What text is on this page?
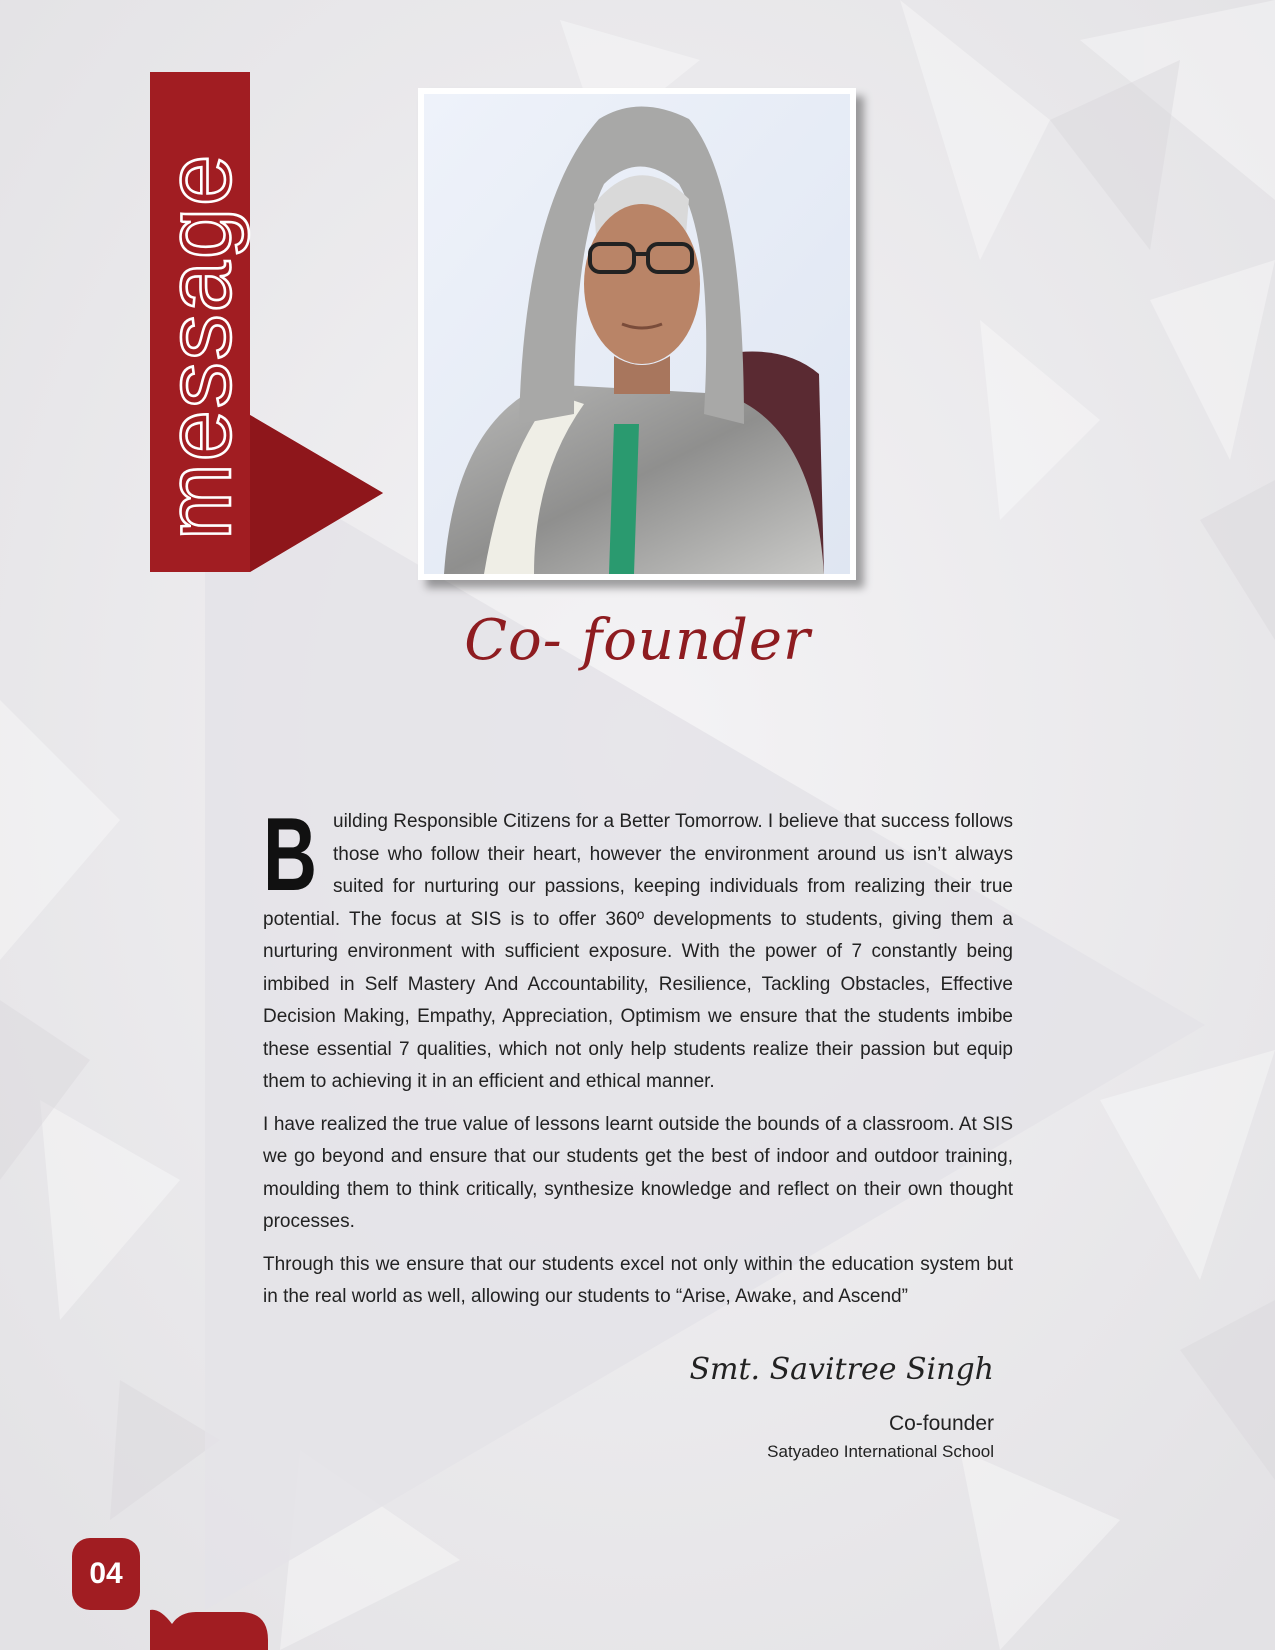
message
Co- founder

Building Responsible Citizens for a Better Tomorrow. I believe that success follows those who follow their heart, however the environment around us isn’t always suited for nurturing our passions, keeping individuals from realizing their true potential. The focus at SIS is to offer 360º developments to students, giving them a nurturing environment with sufficient exposure. With the power of 7 constantly being imbibed in Self Mastery And Accountability, Resilience, Tackling Obstacles, Effective Decision Making, Empathy, Appreciation, Optimism we ensure that the students imbibe these essential 7 qualities, which not only help students realize their passion but equip them to achieving it in an efficient and ethical manner.

I have realized the true value of lessons learnt outside the bounds of a classroom. At SIS we go beyond and ensure that our students get the best of indoor and outdoor training, moulding them to think critically, synthesize knowledge and reflect on their own thought processes.

Through this we ensure that our students excel not only within the education system but in the real world as well, allowing our students to “Arise, Awake, and Ascend”

Smt. Savitree Singh
Co-founder
Satyadeo International School
04
